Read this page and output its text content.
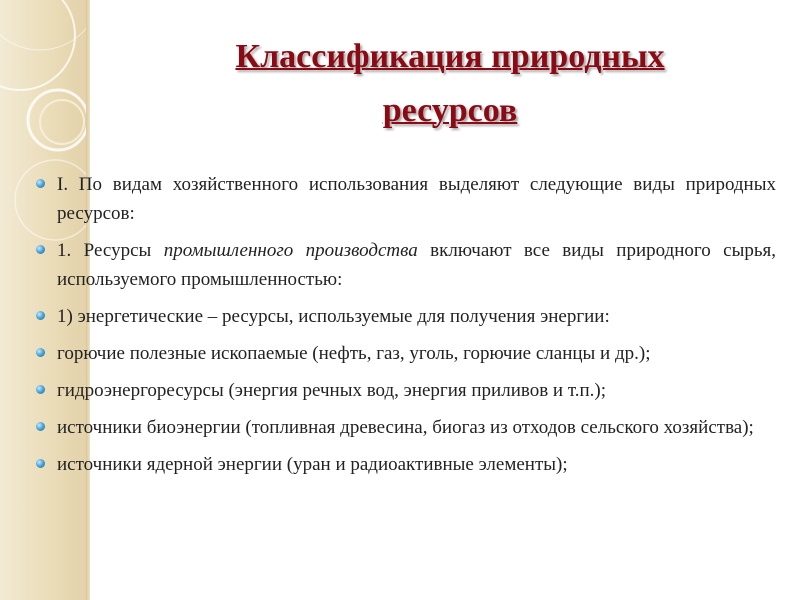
Классификация природных
ресурсов
I. По видам хозяйственного использования выделяют следующие виды природных ресурсов:
1. Ресурсы промышленного производства включают все виды природного сырья, используемого промышленностью:
1) энергетические – ресурсы, используемые для получения энергии:
горючие полезные ископаемые (нефть, газ, уголь, горючие сланцы и др.);
гидроэнергоресурсы (энергия речных вод, энергия приливов и т.п.);
источники биоэнергии (топливная древесина, биогаз из отходов сельского хозяйства);
источники ядерной энергии (уран и радиоактивные элементы);
